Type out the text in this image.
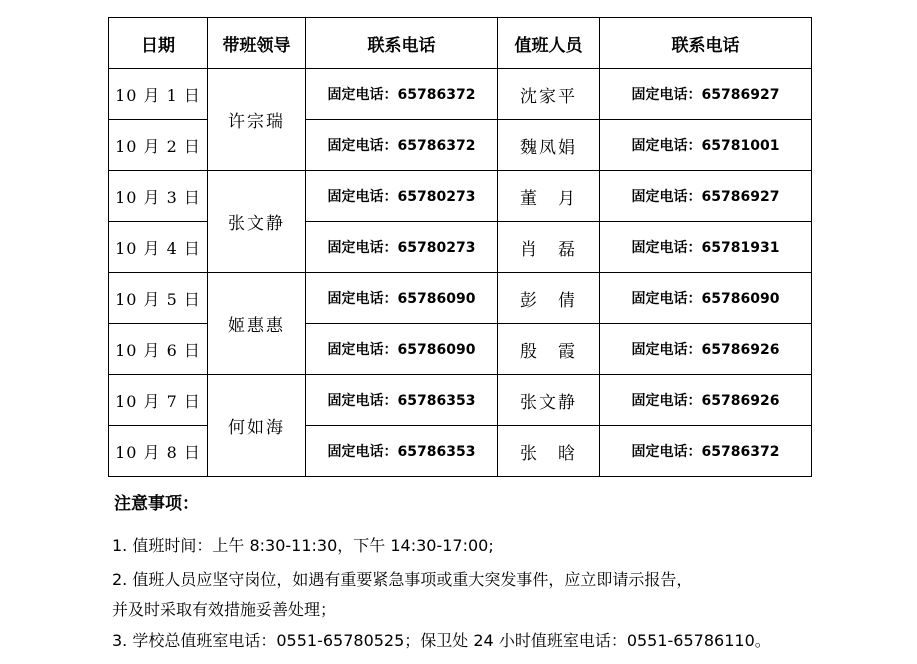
日期	带班领导	联系电话	值班人员	联系电话
10 月 1 日	许宗瑞	固定电话：65786372	沈家平	固定电话：65786927
10 月 2 日		固定电话：65786372	魏凤娟	固定电话：65781001
10 月 3 日	张文静	固定电话：65780273	董　月	固定电话：65786927
10 月 4 日		固定电话：65780273	肖　磊	固定电话：65781931
10 月 5 日	姬惠惠	固定电话：65786090	彭　倩	固定电话：65786090
10 月 6 日		固定电话：65786090	殷　霞	固定电话：65786926
10 月 7 日	何如海	固定电话：65786353	张文静	固定电话：65786926
10 月 8 日		固定电话：65786353	张　晗	固定电话：65786372
注意事项：
1. 值班时间：上午 8:30-11:30，下午 14:30-17:00;
2. 值班人员应坚守岗位，如遇有重要紧急事项或重大突发事件，应立即请示报告，
并及时采取有效措施妥善处理；
3. 学校总值班室电话：0551-65780525；保卫处 24 小时值班室电话：0551-65786110。
